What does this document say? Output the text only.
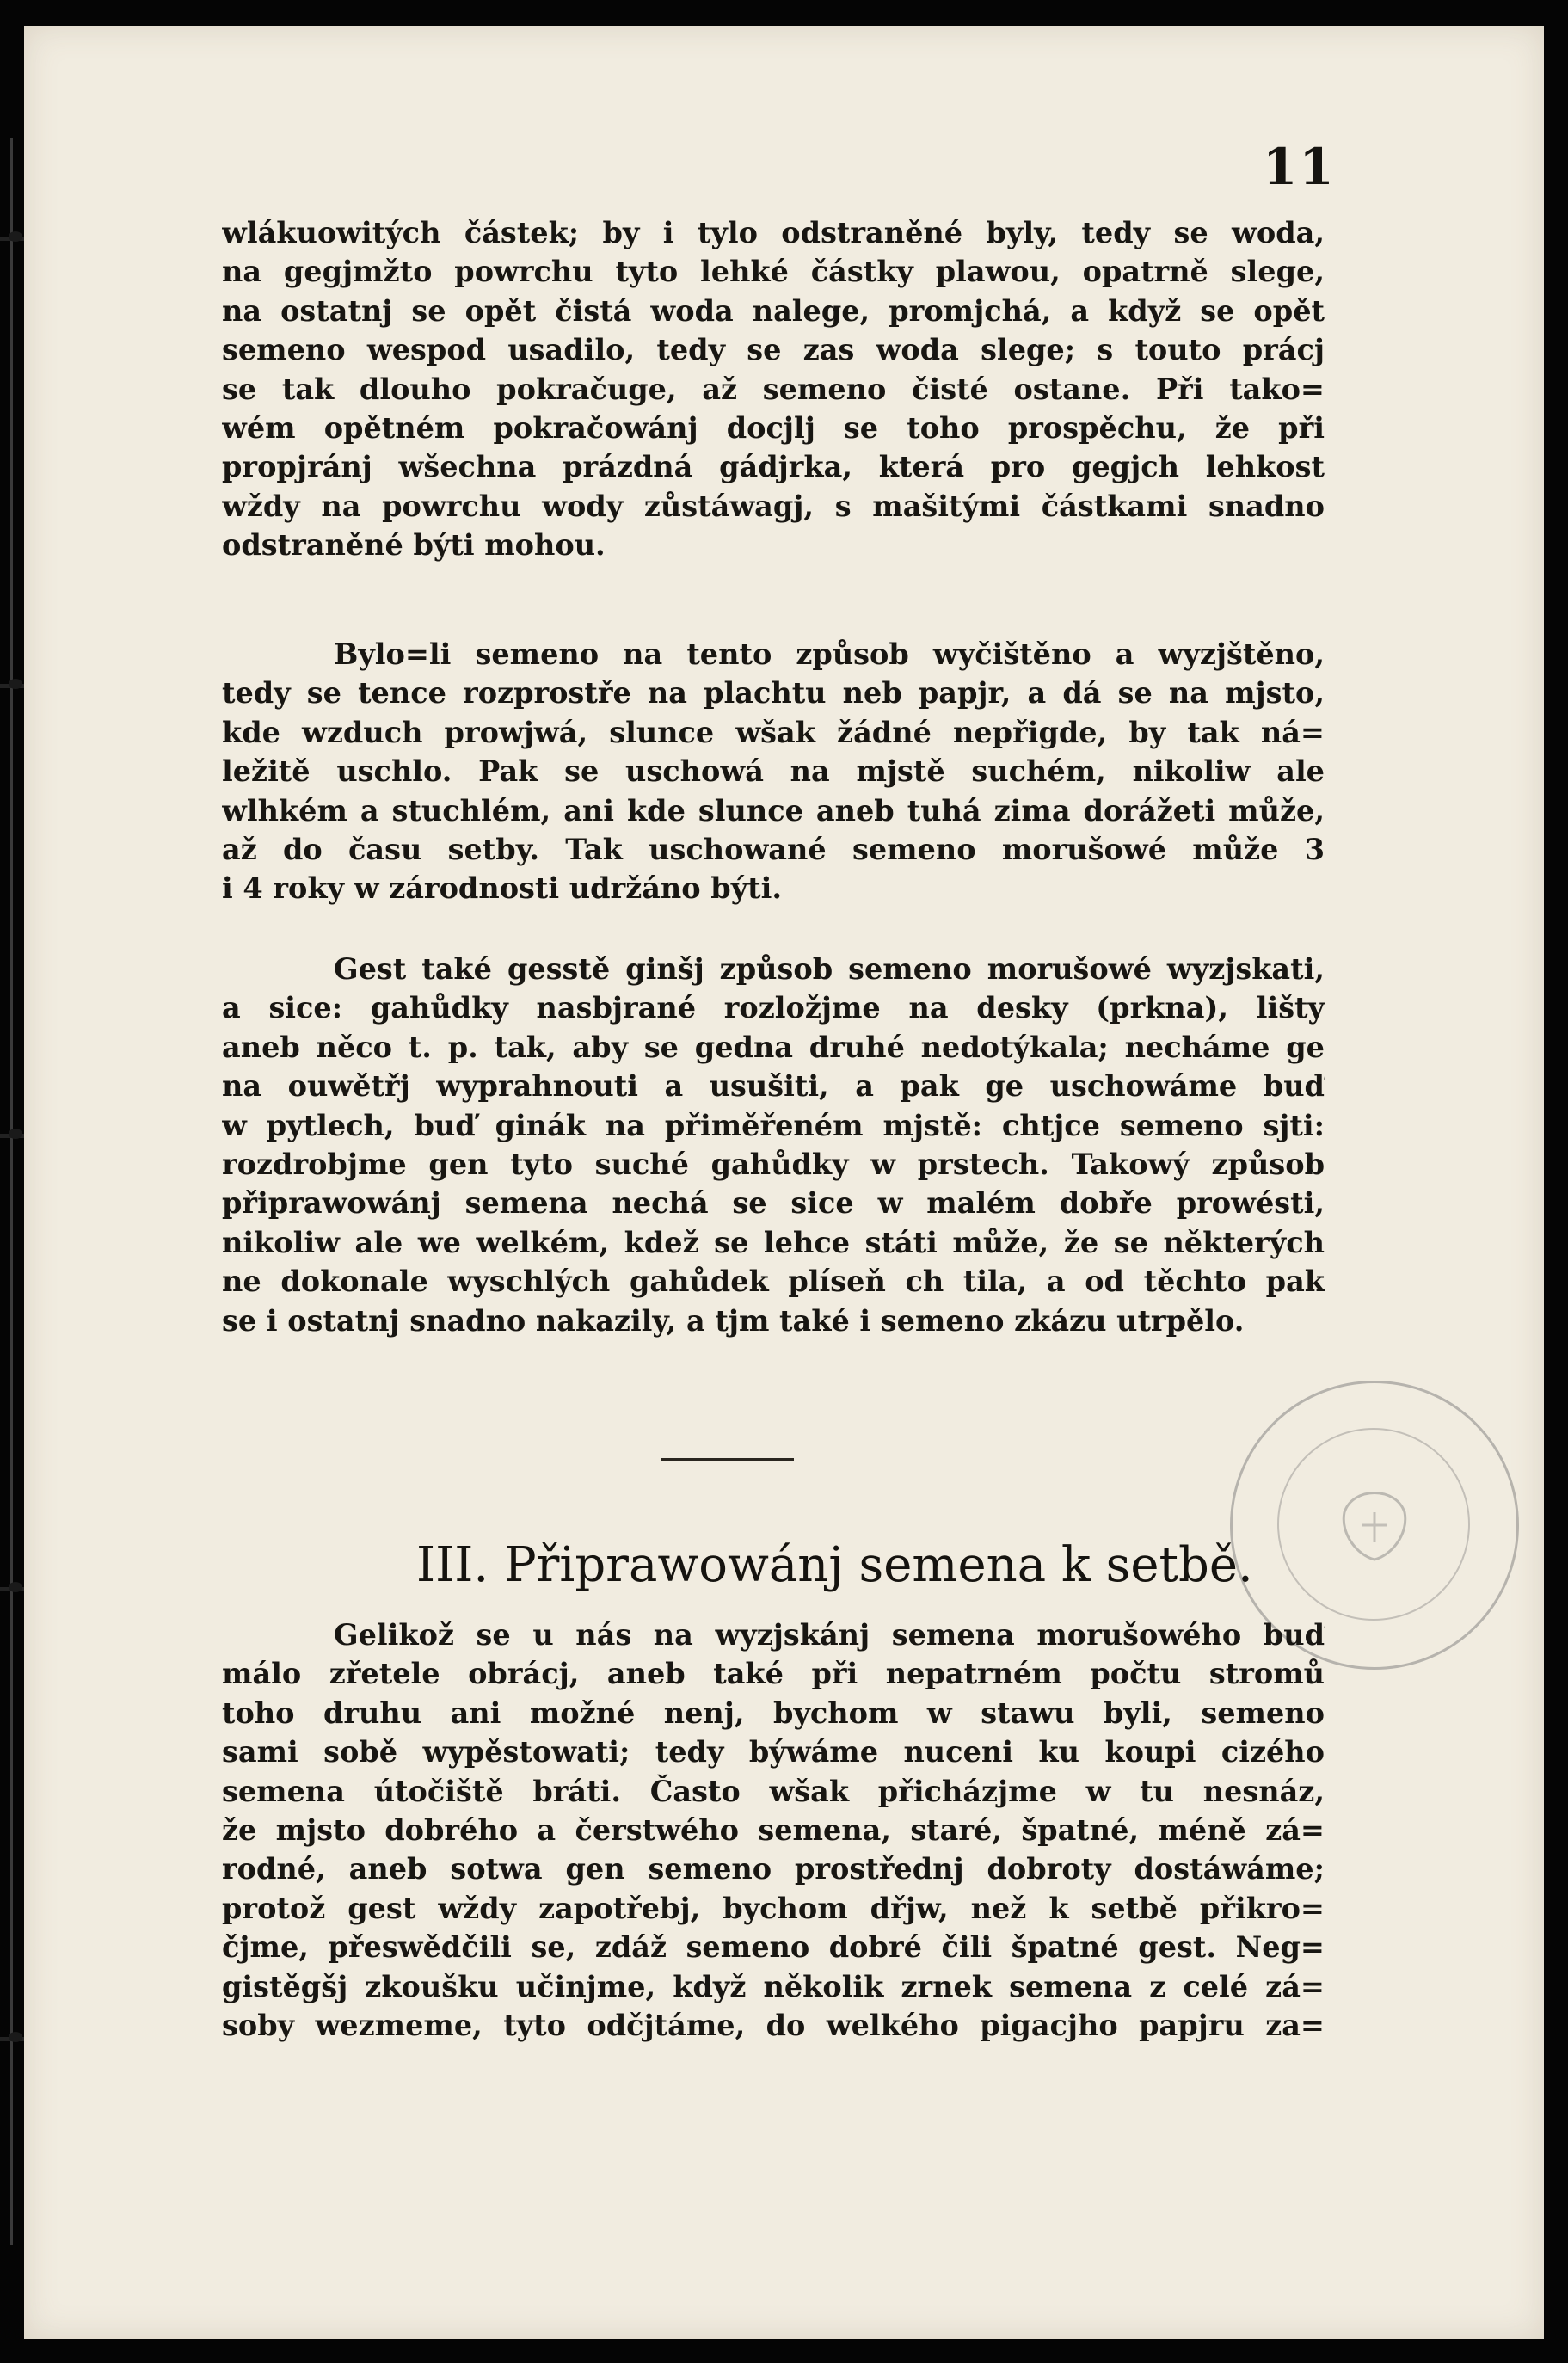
11
wlákuowitých částek; by i tylo odstraněné byly, tedy se woda,
na gegjmžto powrchu tyto lehké částky plawou, opatrně slege,
na ostatnj se opět čistá woda nalege, promjchá, a když se opět
semeno wespod usadilo, tedy se zas woda slege; s touto prácj
se tak dlouho pokračuge, až semeno čisté ostane. Při tako=
wém opětném pokračowánj docjlj se toho prospěchu, že při
propjránj wšechna prázdná gádjrka, která pro gegjch lehkost
wždy na powrchu wody zůstáwagj, s mašitými částkami snadno
odstraněné býti mohou.
Bylo=li semeno na tento způsob wyčištěno a wyzjštěno,
tedy se tence rozprostře na plachtu neb papjr, a dá se na mjsto,
kde wzduch prowjwá, slunce wšak žádné nepřigde, by tak ná=
ležitě uschlo. Pak se uschowá na mjstě suchém, nikoliw ale
wlhkém a stuchlém, ani kde slunce aneb tuhá zima dorážeti může,
až do času setby. Tak uschowané semeno morušowé může 3
i 4 roky w zárodnosti udržáno býti.
Gest také gesstě ginšj způsob semeno morušowé wyzjskati,
a sice: gahůdky nasbjrané rozložjme na desky (prkna), lišty
aneb něco t. p. tak, aby se gedna druhé nedotýkala; necháme ge
na ouwětřj wyprahnouti a usušiti, a pak ge uschowáme buď
w pytlech, buď ginák na přiměřeném mjstě: chtjce semeno sjti:
rozdrobjme gen tyto suché gahůdky w prstech. Takowý způsob
připrawowánj semena nechá se sice w malém dobře prowésti,
nikoliw ale we welkém, kdež se lehce státi může, že se některých
ne dokonale wyschlých gahůdek plíseň ch tila, a od těchto pak
se i ostatnj snadno nakazily, a tjm také i semeno zkázu utrpělo.
III. Připrawowánj semena k setbě.
Gelikož se u nás na wyzjskánj semena morušowého buď
málo zřetele obrácj, aneb také při nepatrném počtu stromů
toho druhu ani možné nenj, bychom w stawu byli, semeno
sami sobě wypěstowati; tedy býwáme nuceni ku koupi cizého
semena útočiště bráti. Často wšak přicházjme w tu nesnáz,
že mjsto dobrého a čerstwého semena, staré, špatné, méně zá=
rodné, aneb sotwa gen semeno prostřednj dobroty dostáwáme;
protož gest wždy zapotřebj, bychom dřjw, než k setbě přikro=
čjme, přeswědčili se, zdáž semeno dobré čili špatné gest. Neg=
gistěgšj zkoušku učinjme, když několik zrnek semena z celé zá=
soby wezmeme, tyto odčjtáme, do welkého pigacjho papjru za=
